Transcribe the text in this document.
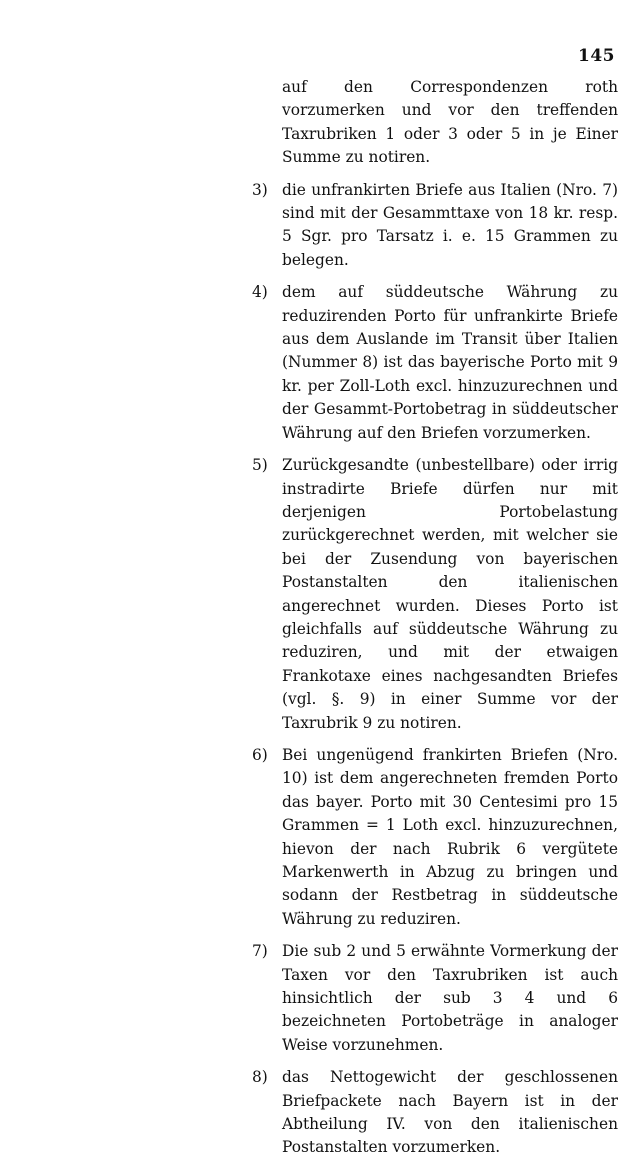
145

auf den Correspondenzen roth vorzumerken und vor den treffenden Taxrubriken 1 oder 3 oder 5 in je Einer Summe zu notiren.

3) die unfrankirten Briefe aus Italien (Nro. 7) sind mit der Gesammttaxe von 18 kr. resp. 5 Sgr. pro Tarsatz i. e. 15 Grammen zu belegen.

4) dem auf süddeutsche Währung zu reduzirenden Porto für unfrankirte Briefe aus dem Auslande im Transit über Italien (Nummer 8) ist das bayerische Porto mit 9 kr. per Zoll-Loth excl. hinzuzurechnen und der Gesammt-Portobetrag in süddeutscher Währung auf den Briefen vorzumerken.

5) Zurückgesandte (unbestellbare) oder irrig instradirte Briefe dürfen nur mit derjenigen Portobelastung zurückgerechnet werden, mit welcher sie bei der Zusendung von bayerischen Postanstalten den italienischen angerechnet wurden. Dieses Porto ist gleichfalls auf süddeutsche Währung zu reduziren, und mit der etwaigen Frankotaxe eines nachgesandten Briefes (vgl. §. 9) in einer Summe vor der Taxrubrik 9 zu notiren.

6) Bei ungenügend frankirten Briefen (Nro. 10) ist dem angerechneten fremden Porto das bayer. Porto mit 30 Centesimi pro 15 Grammen = 1 Loth excl. hinzuzurechnen, hievon der nach Rubrik 6 vergütete Markenwerth in Abzug zu bringen und sodann der Restbetrag in süddeutsche Währung zu reduziren.

7) Die sub 2 und 5 erwähnte Vormerkung der Taxen vor den Taxrubriken ist auch hinsichtlich der sub 3 4 und 6 bezeichneten Portobeträge in analoger Weise vorzunehmen.

8) das Nettogewicht der geschlossenen Briefpackete nach Bayern ist in der Abtheilung IV. von den italienischen Postanstalten vorzumerken.
